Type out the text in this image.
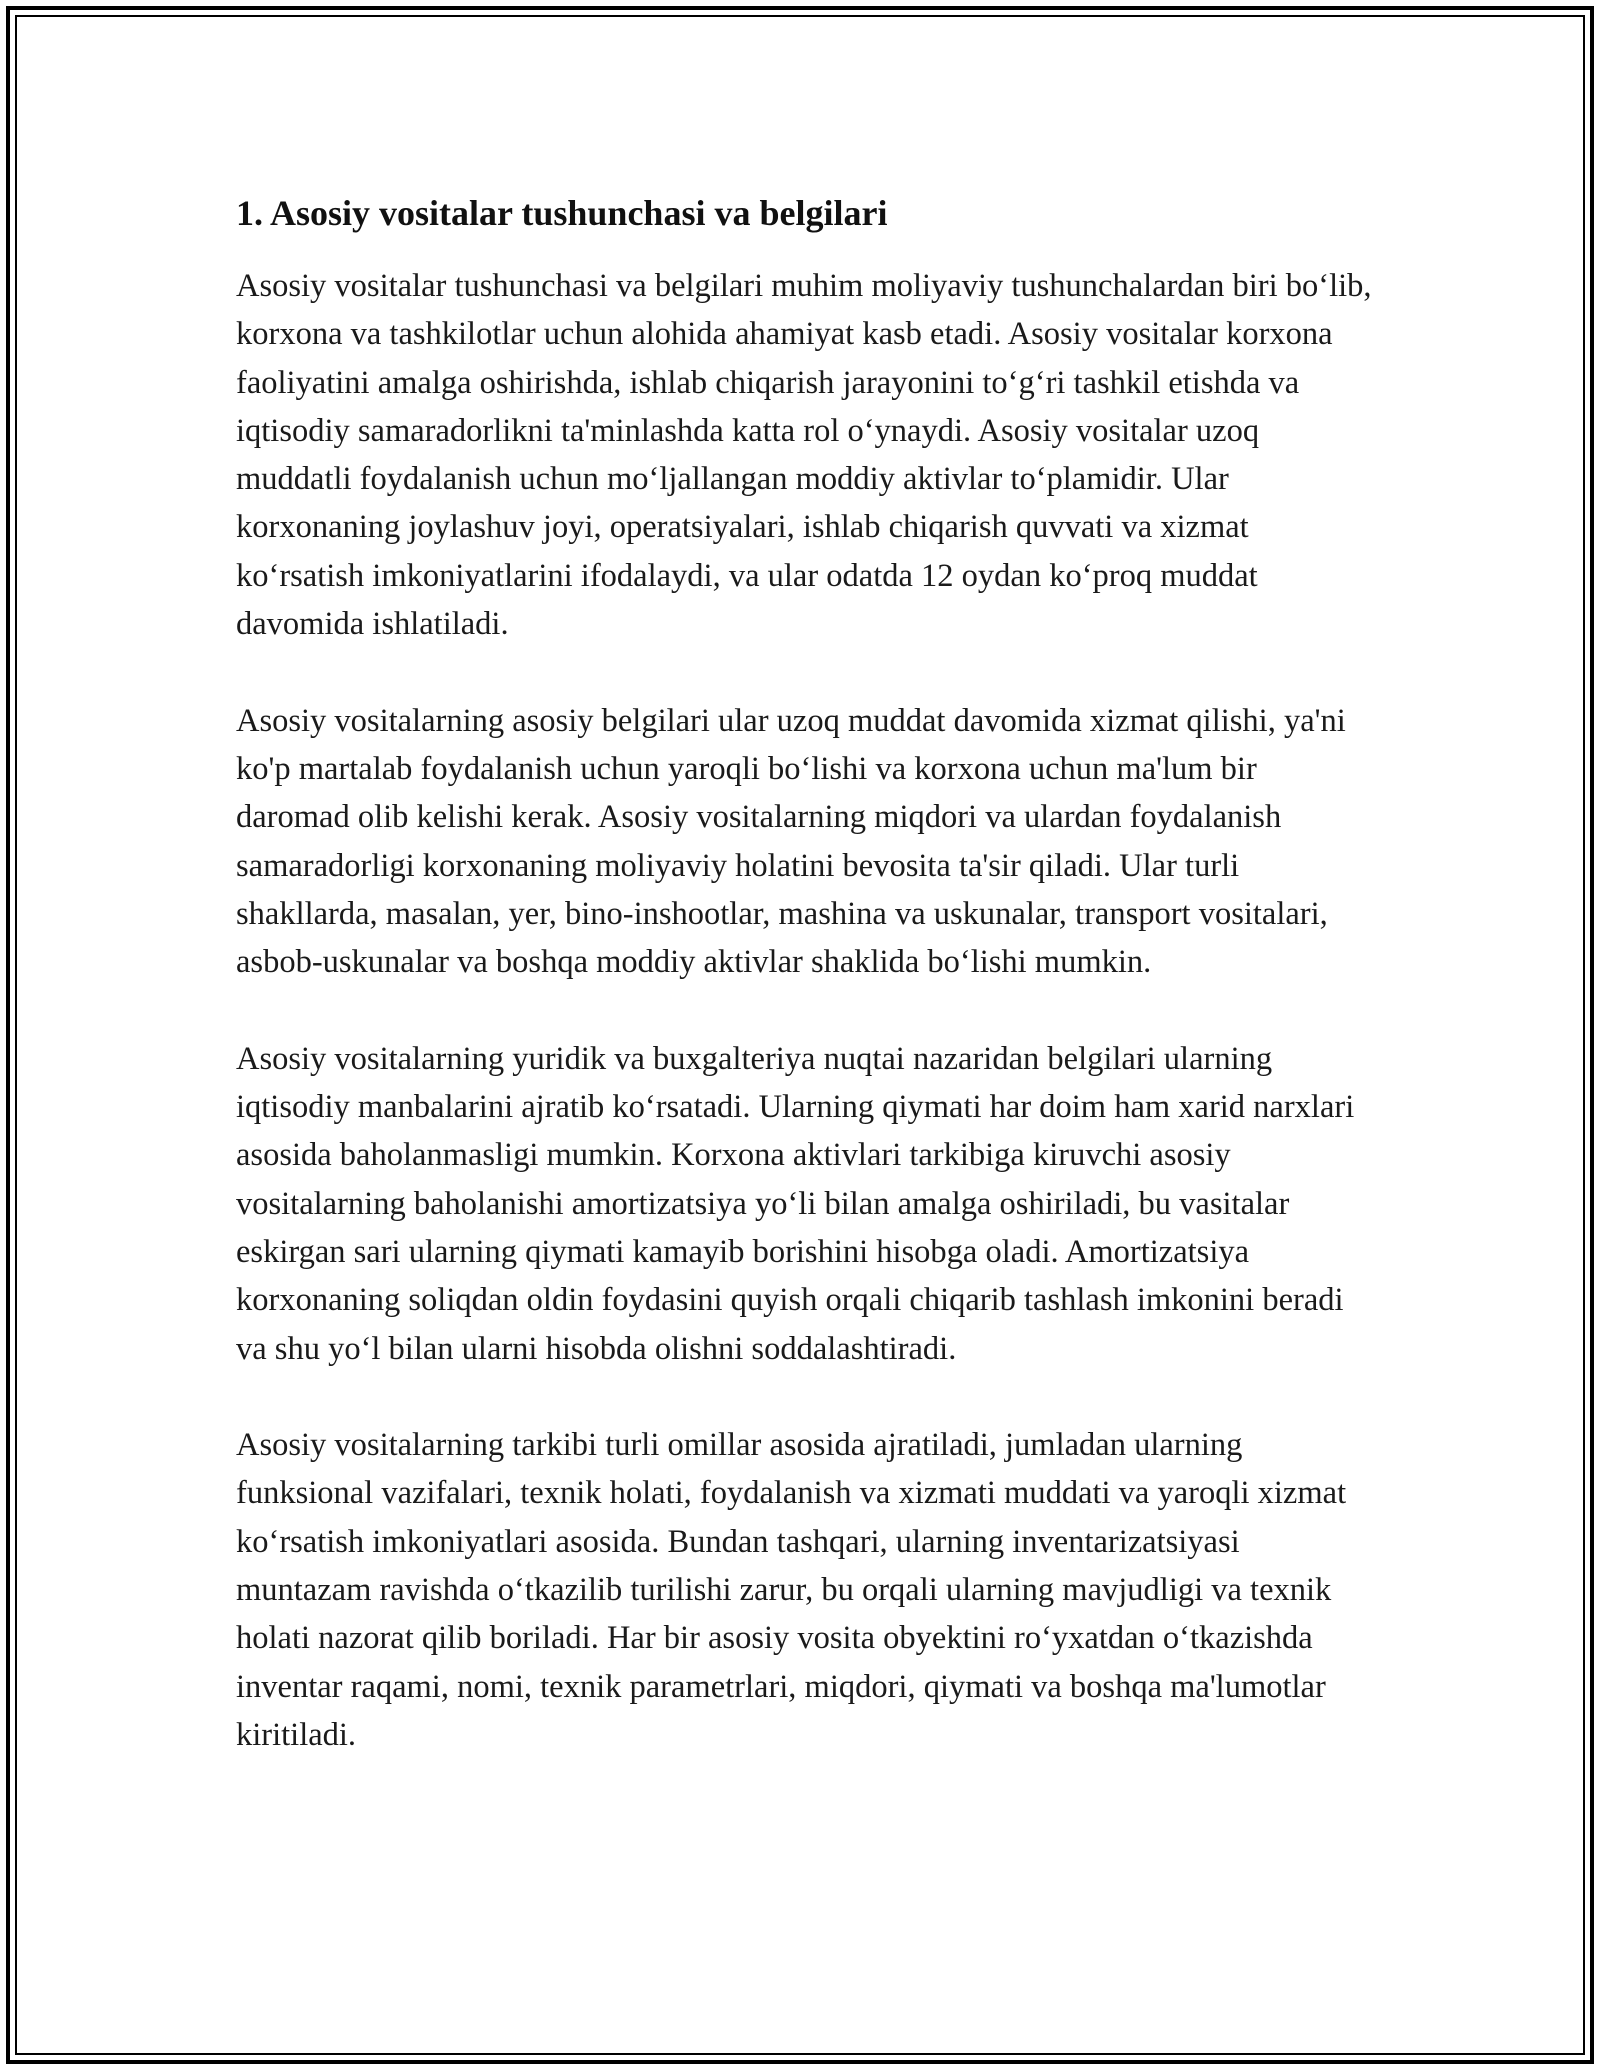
1. Asosiy vositalar tushunchasi va belgilari

Asosiy vositalar tushunchasi va belgilari muhim moliyaviy tushunchalardan biri bo‘lib, korxona va tashkilotlar uchun alohida ahamiyat kasb etadi. Asosiy vositalar korxona faoliyatini amalga oshirishda, ishlab chiqarish jarayonini to‘g‘ri tashkil etishda va iqtisodiy samaradorlikni ta'minlashda katta rol o‘ynaydi. Asosiy vositalar uzoq muddatli foydalanish uchun mo‘ljallangan moddiy aktivlar to‘plamidir. Ular korxonaning joylashuv joyi, operatsiyalari, ishlab chiqarish quvvati va xizmat ko‘rsatish imkoniyatlarini ifodalaydi, va ular odatda 12 oydan ko‘proq muddat davomida ishlatiladi.

Asosiy vositalarning asosiy belgilari ular uzoq muddat davomida xizmat qilishi, ya'ni ko'p martalab foydalanish uchun yaroqli bo‘lishi va korxona uchun ma'lum bir daromad olib kelishi kerak. Asosiy vositalarning miqdori va ulardan foydalanish samaradorligi korxonaning moliyaviy holatini bevosita ta'sir qiladi. Ular turli shakllarda, masalan, yer, bino-inshootlar, mashina va uskunalar, transport vositalari, asbob-uskunalar va boshqa moddiy aktivlar shaklida bo‘lishi mumkin.

Asosiy vositalarning yuridik va buxgalteriya nuqtai nazaridan belgilari ularning iqtisodiy manbalarini ajratib ko‘rsatadi. Ularning qiymati har doim ham xarid narxlari asosida baholanmasligi mumkin. Korxona aktivlari tarkibiga kiruvchi asosiy vositalarning baholanishi amortizatsiya yo‘li bilan amalga oshiriladi, bu vasitalar eskirgan sari ularning qiymati kamayib borishini hisobga oladi. Amortizatsiya korxonaning soliqdan oldin foydasini quyish orqali chiqarib tashlash imkonini beradi va shu yo‘l bilan ularni hisobda olishni soddalashtiradi.

Asosiy vositalarning tarkibi turli omillar asosida ajratiladi, jumladan ularning funksional vazifalari, texnik holati, foydalanish va xizmati muddati va yaroqli xizmat ko‘rsatish imkoniyatlari asosida. Bundan tashqari, ularning inventarizatsiyasi muntazam ravishda o‘tkazilib turilishi zarur, bu orqali ularning mavjudligi va texnik holati nazorat qilib boriladi. Har bir asosiy vosita obyektini ro‘yxatdan o‘tkazishda inventar raqami, nomi, texnik parametrlari, miqdori, qiymati va boshqa ma'lumotlar kiritiladi.
